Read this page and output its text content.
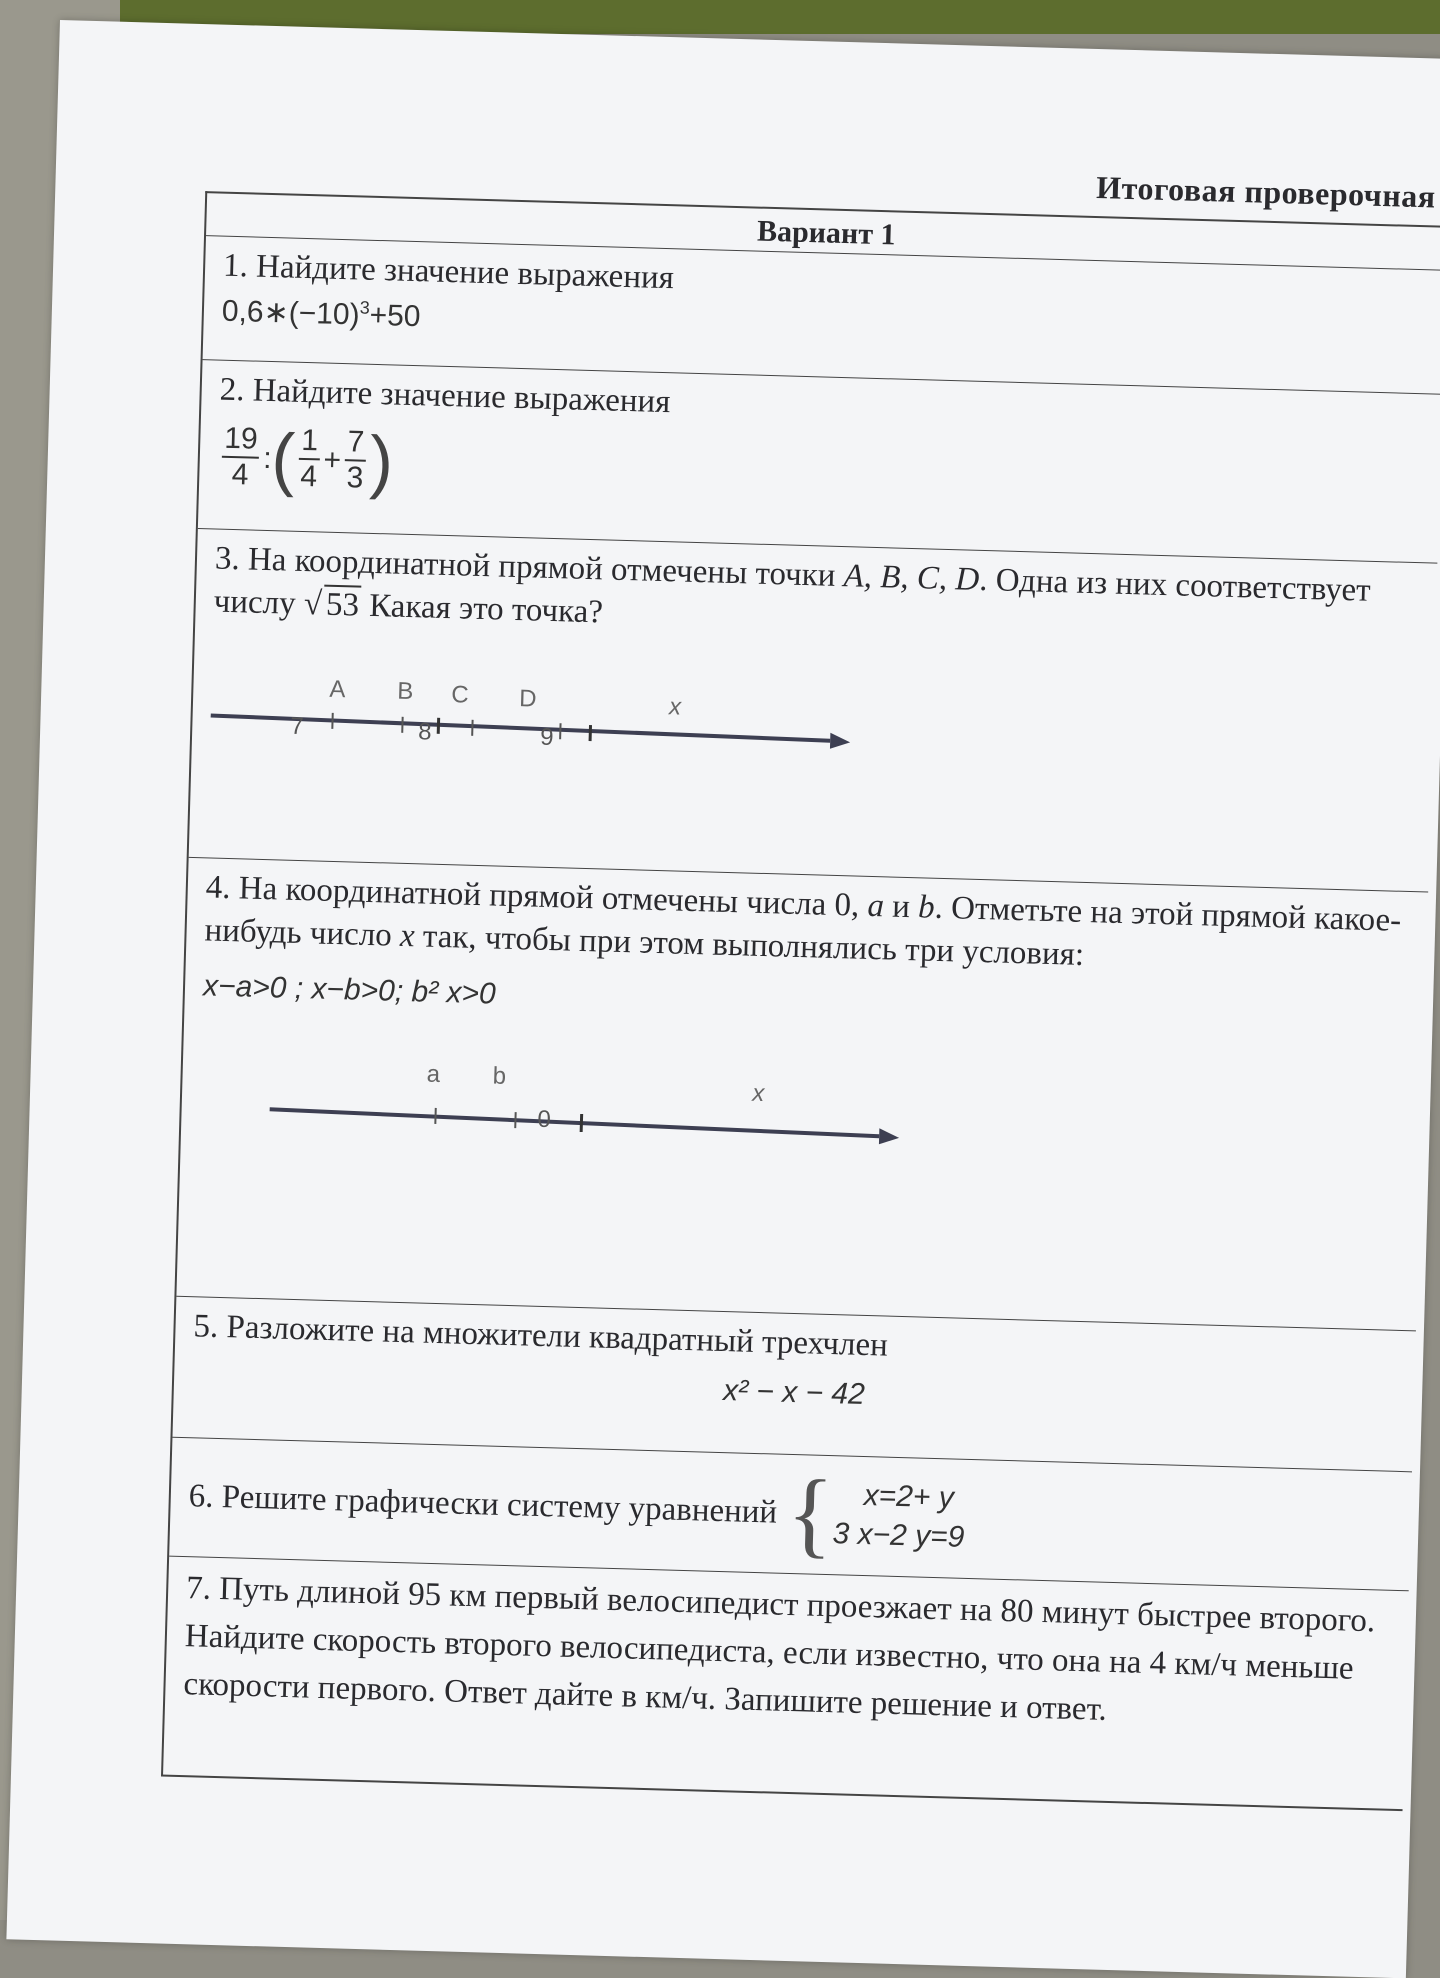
Итоговая проверочная
Вариант 1
1. Найдите значение выражения
$0,6∗(-10)^3+50$
2. Найдите значение выражения
$\frac{19}{4}$ :
( $\frac{1}{4} + \frac{7}{3}$ )
3. На координатной прямой отмечены точки A, B, C, D. Одна из них соответствует числу √53 Какая это точка?
A B C D	x
7	8	9
4. На координатной прямой отмечены числа 0, a и b. Отметьте на этой прямой какое-нибудь число x так, чтобы при этом выполнялись три условия:
x−a>0 ; x−b>0; b² x>0
a b
x
0
5. Разложите на множители квадратный трехчлен
x² − x − 42
6. Решите графически систему уравнений { x=2+ y
3 x−2 y=9
7. Путь длиной 95 км первый велосипедист проезжает на 80 минут быстрее второго. Найдите скорость второго велосипедиста, если известно, что она на 4 км/ч меньше скорости первого. Ответ дайте в км/ч. Запишите решение и ответ.
